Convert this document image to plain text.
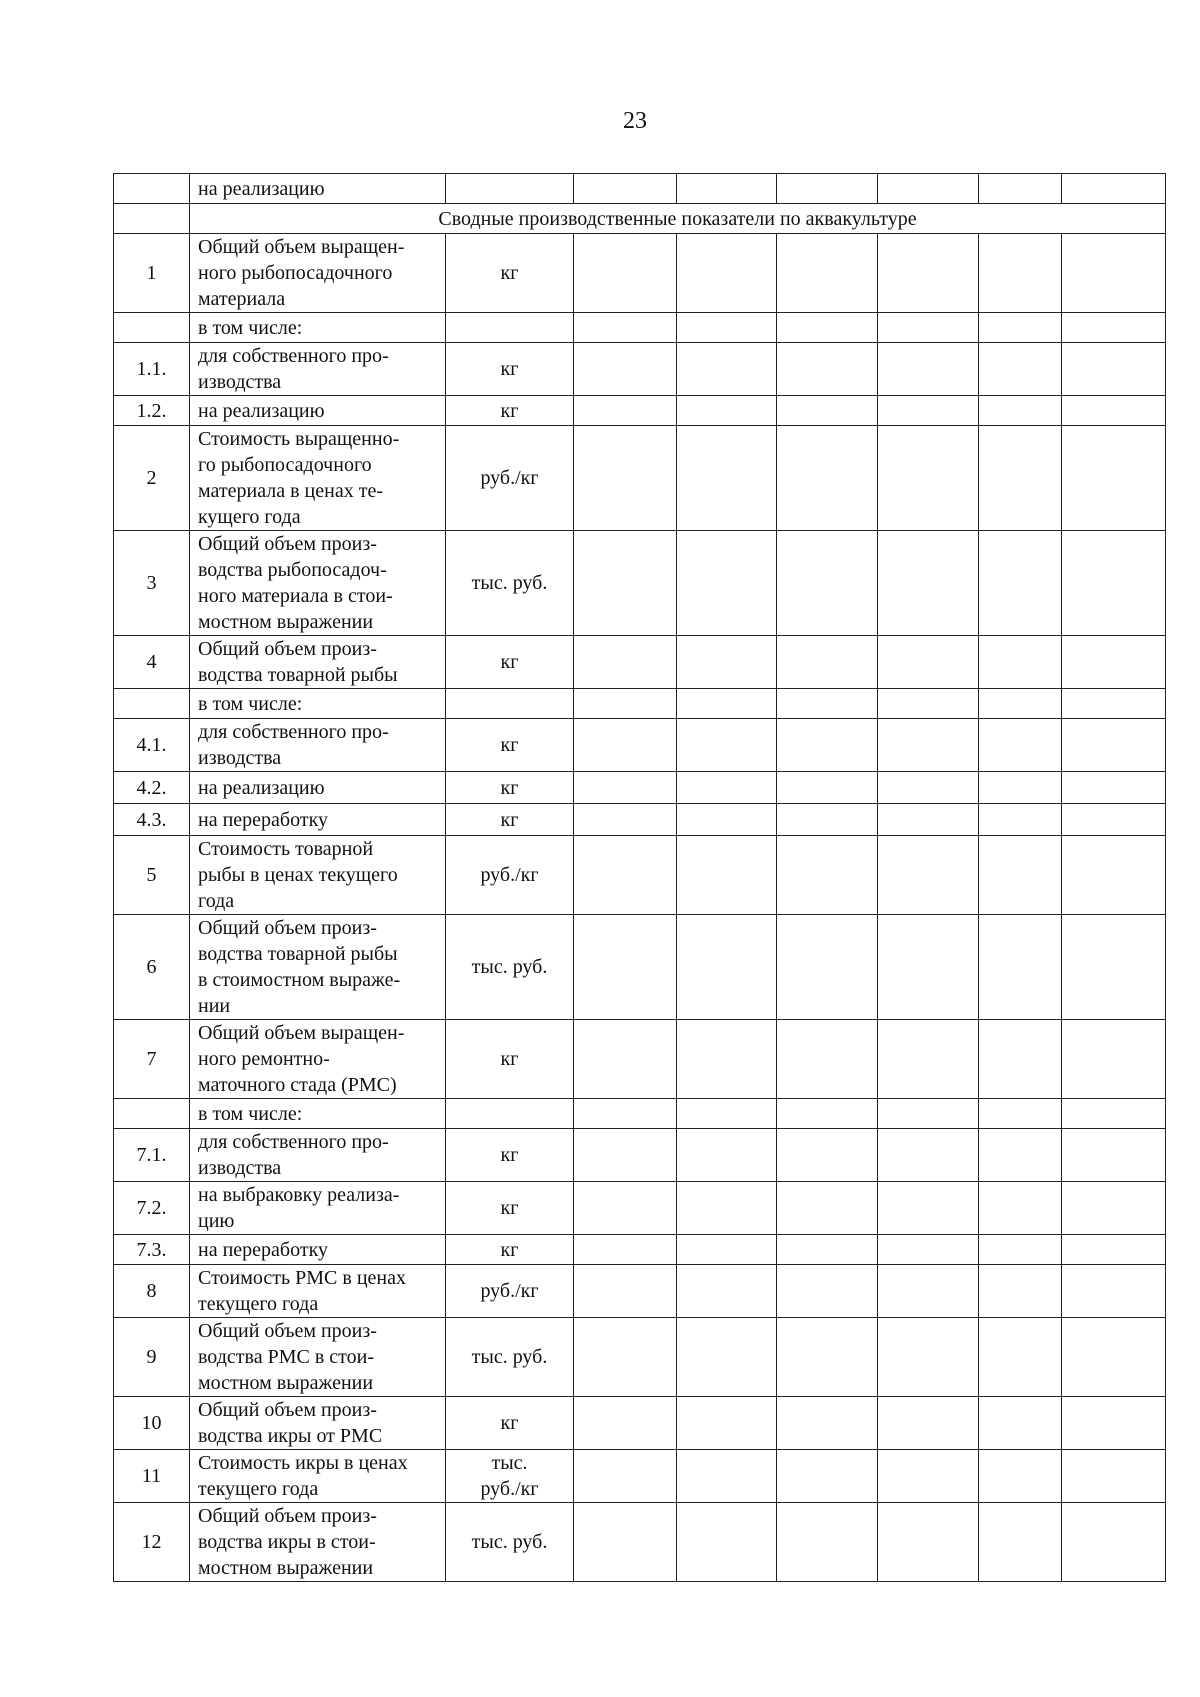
23
	на реализацию							
	Сводные производственные показатели по аквакультуре							
1	Общий объем выращен-
ного рыбопосадочного
материала	кг						
	в том числе:							
1.1.	для собственного про-
изводства	кг						
1.2.	на реализацию	кг						
2	Стоимость выращенно-
го рыбопосадочного
материала в ценах те-
кущего года	руб./кг						
3	Общий объем произ-
водства рыбопосадоч-
ного материала в стои-
мостном выражении	тыс. руб.						
4	Общий объем произ-
водства товарной рыбы	кг						
	в том числе:							
4.1.	для собственного про-
изводства	кг						
4.2.	на реализацию	кг						
4.3.	на переработку	кг						
5	Стоимость товарной
рыбы в ценах текущего
года	руб./кг						
6	Общий объем произ-
водства товарной рыбы
в стоимостном выраже-
нии	тыс. руб.						
7	Общий объем выращен-
ного ремонтно-
маточного стада (РМС)	кг						
	в том числе:							
7.1.	для собственного про-
изводства	кг						
7.2.	на выбраковку реализа-
цию	кг						
7.3.	на переработку	кг						
8	Стоимость РМС в ценах
текущего года	руб./кг						
9	Общий объем произ-
водства РМС в стои-
мостном выражении	тыс. руб.						
10	Общий объем произ-
водства икры от РМС	кг						
11	Стоимость икры в ценах
текущего года	тыс.
руб./кг						
12	Общий объем произ-
водства икры в стои-
мостном выражении	тыс. руб.						
